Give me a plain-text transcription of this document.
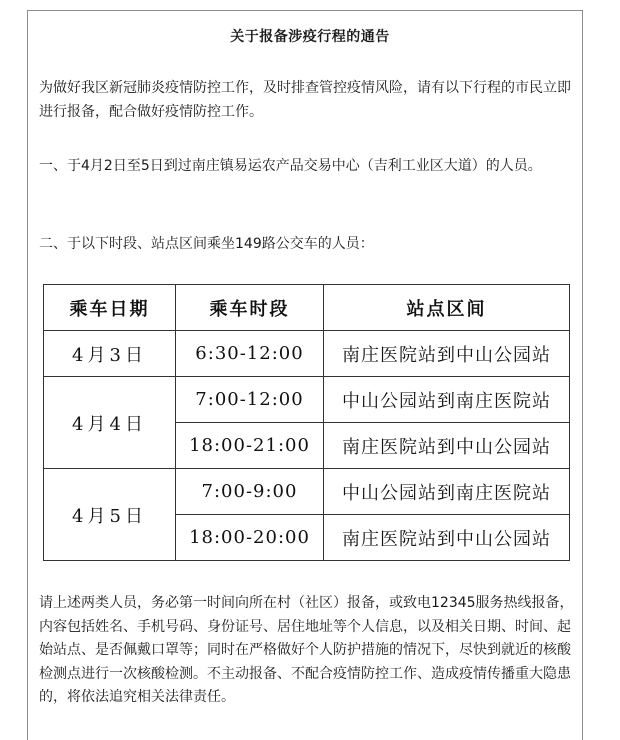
关于报备涉疫行程的通告

为做好我区新冠肺炎疫情防控工作，及时排查管控疫情风险，请有以下行程的市民立即进行报备，配合做好疫情防控工作。

一、于4月2日至5日到过南庄镇易运农产品交易中心（吉利工业区大道）的人员。

二、于以下时段、站点区间乘坐149路公交车的人员：

乘车日期	乘车时段	站点区间
4月3日	6:30-12:00	南庄医院站到中山公园站
4月4日	7:00-12:00	中山公园站到南庄医院站
	18:00-21:00	南庄医院站到中山公园站
4月5日	7:00-9:00	中山公园站到南庄医院站
	18:00-20:00	南庄医院站到中山公园站

请上述两类人员，务必第一时间向所在村（社区）报备，或致电12345服务热线报备，内容包括姓名、手机号码、身份证号、居住地址等个人信息，以及相关日期、时间、起始站点、是否佩戴口罩等；同时在严格做好个人防护措施的情况下，尽快到就近的核酸检测点进行一次核酸检测。不主动报备、不配合疫情防控工作、造成疫情传播重大隐患的，将依法追究相关法律责任。
